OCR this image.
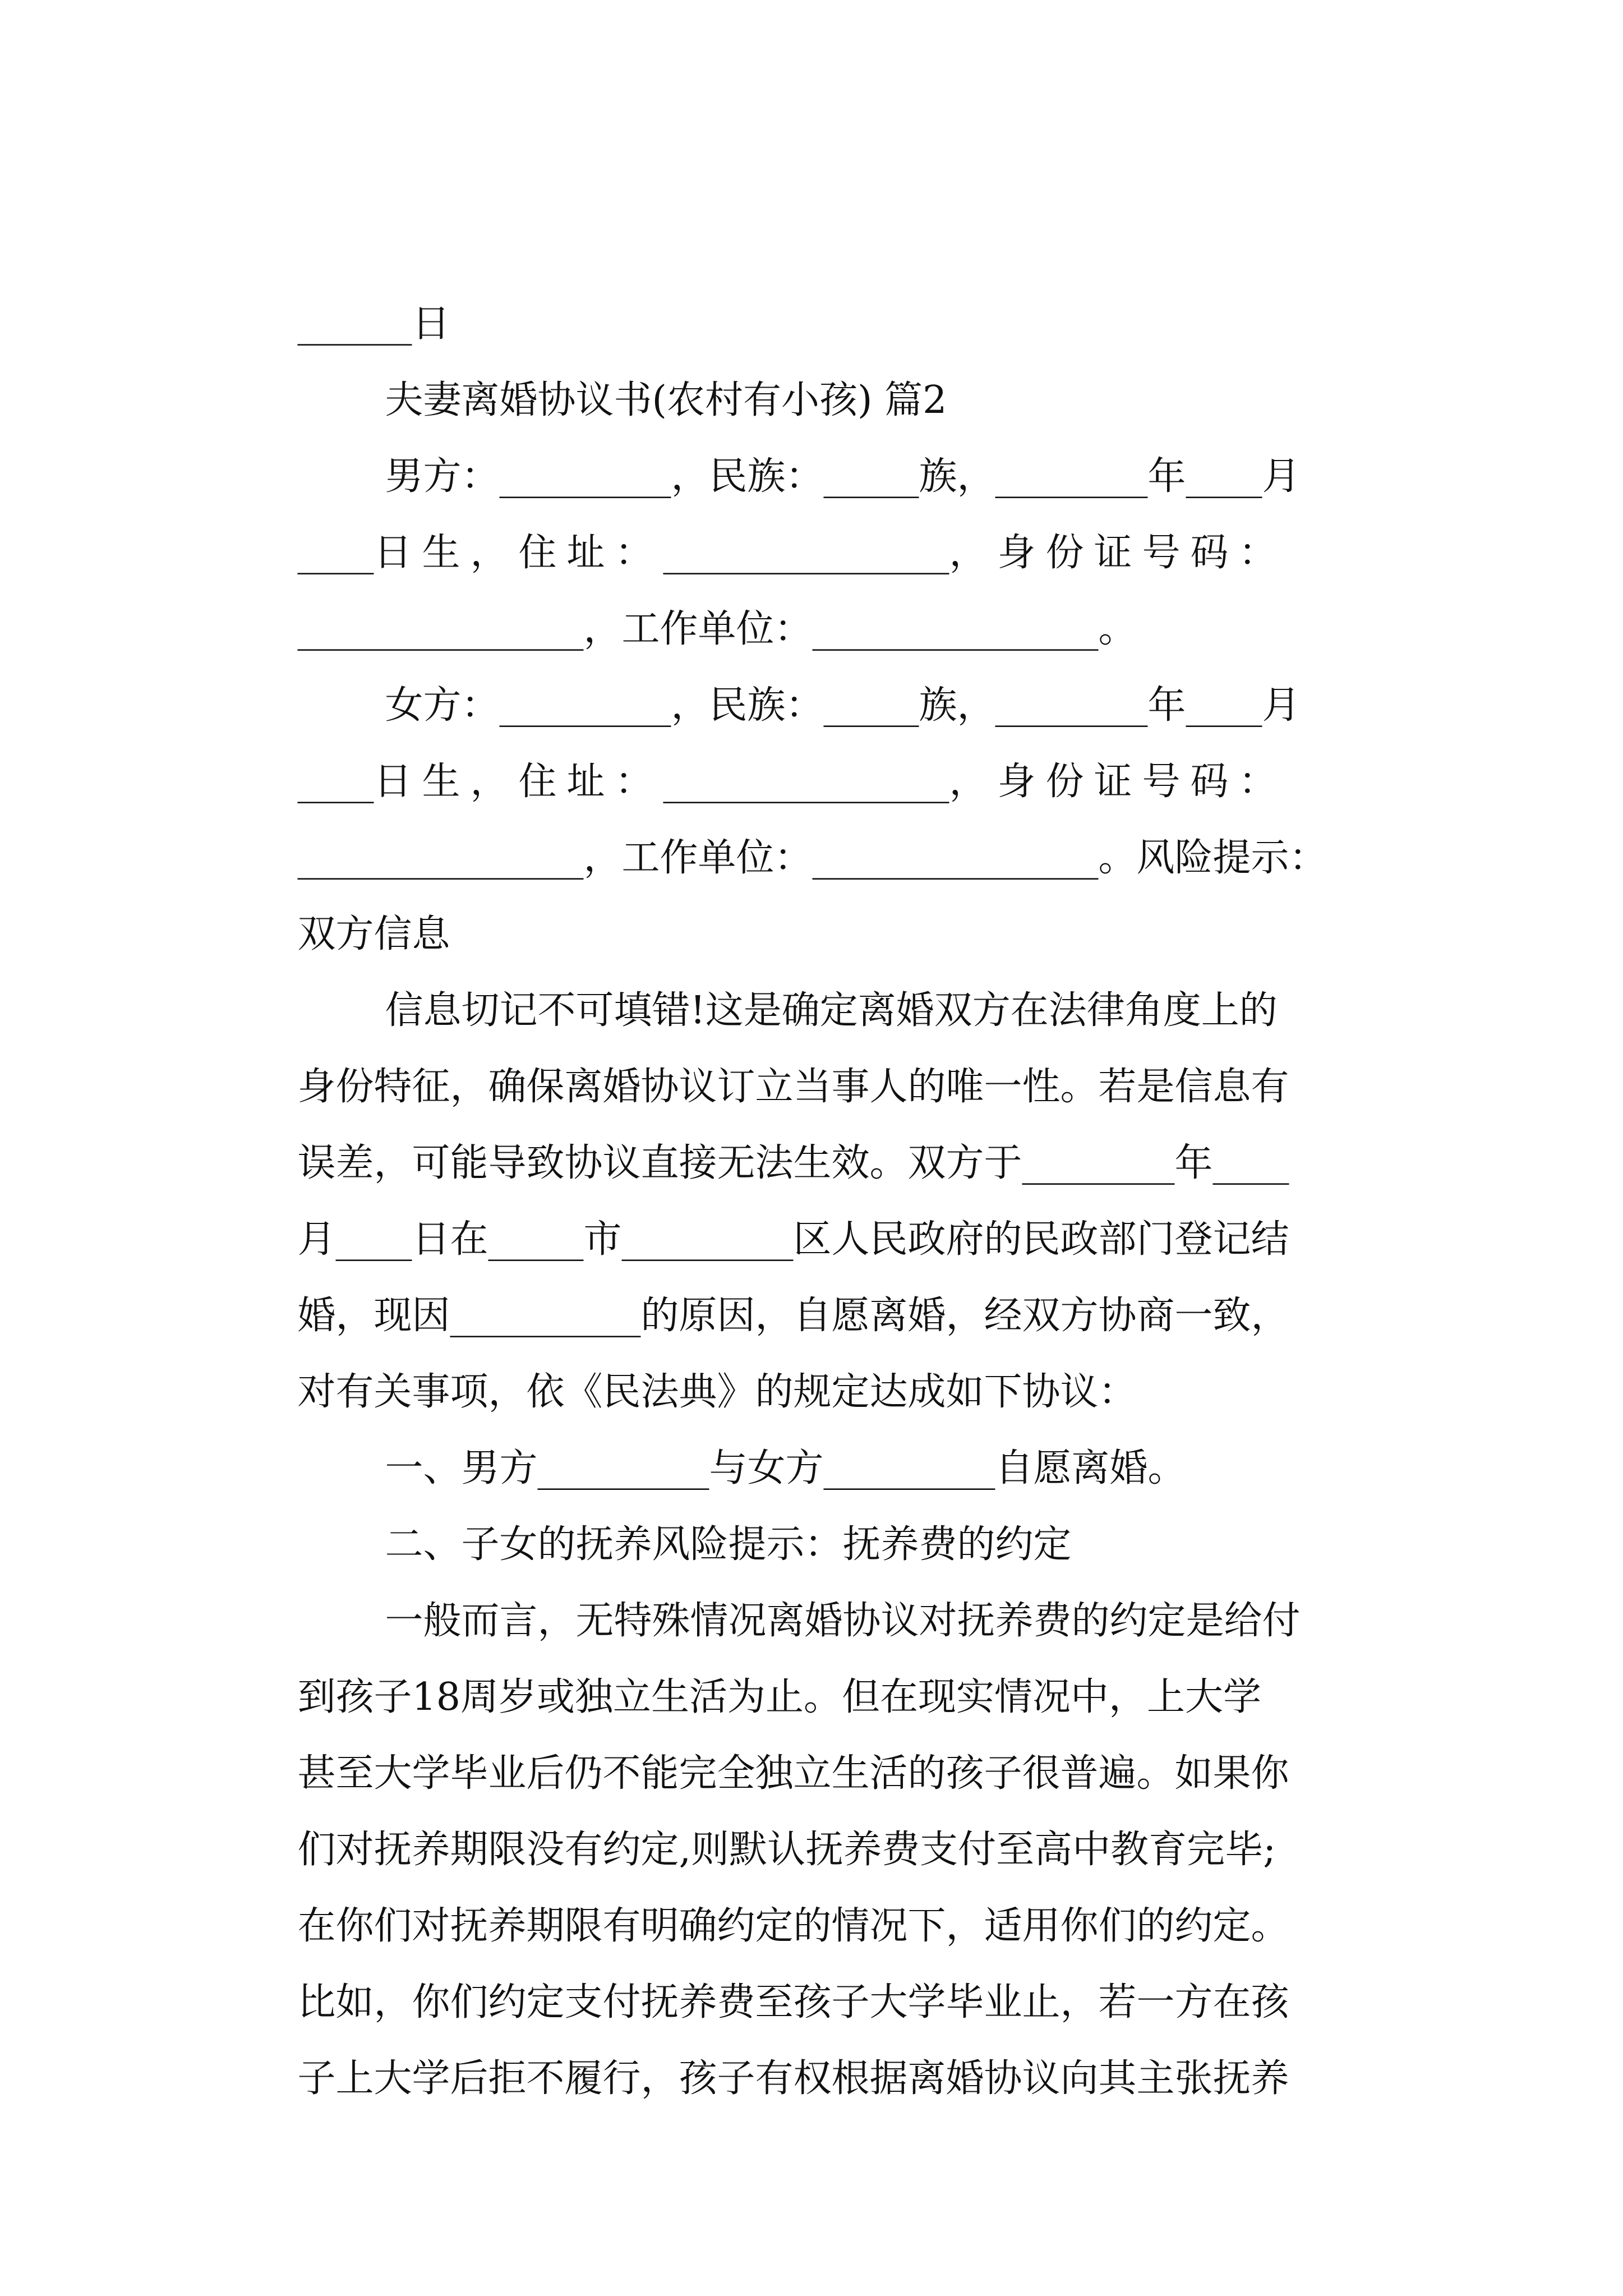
______日

夫妻离婚协议书(农村有小孩) 篇2

男方：_________，民族：_____族，________年____月

____日生，住址：_______________，身份证号码：

_______________，工作单位：_______________。

女方：_________，民族：_____族，________年____月

____日生，住址：_______________，身份证号码：

_______________，工作单位：_______________。风险提示：

双方信息

信息切记不可填错!这是确定离婚双方在法律角度上的

身份特征，确保离婚协议订立当事人的唯一性。若是信息有

误差，可能导致协议直接无法生效。双方于________年____

月____日在_____市_________区人民政府的民政部门登记结

婚，现因__________的原因，自愿离婚，经双方协商一致，

对有关事项，依《民法典》的规定达成如下协议：

一、男方_________与女方_________自愿离婚。

二、子女的抚养风险提示：抚养费的约定

一般而言，无特殊情况离婚协议对抚养费的约定是给付

到孩子18周岁或独立生活为止。但在现实情况中，上大学

甚至大学毕业后仍不能完全独立生活的孩子很普遍。如果你

们对抚养期限没有约定,则默认抚养费支付至高中教育完毕;

在你们对抚养期限有明确约定的情况下，适用你们的约定。

比如，你们约定支付抚养费至孩子大学毕业止，若一方在孩

子上大学后拒不履行，孩子有权根据离婚协议向其主张抚养
